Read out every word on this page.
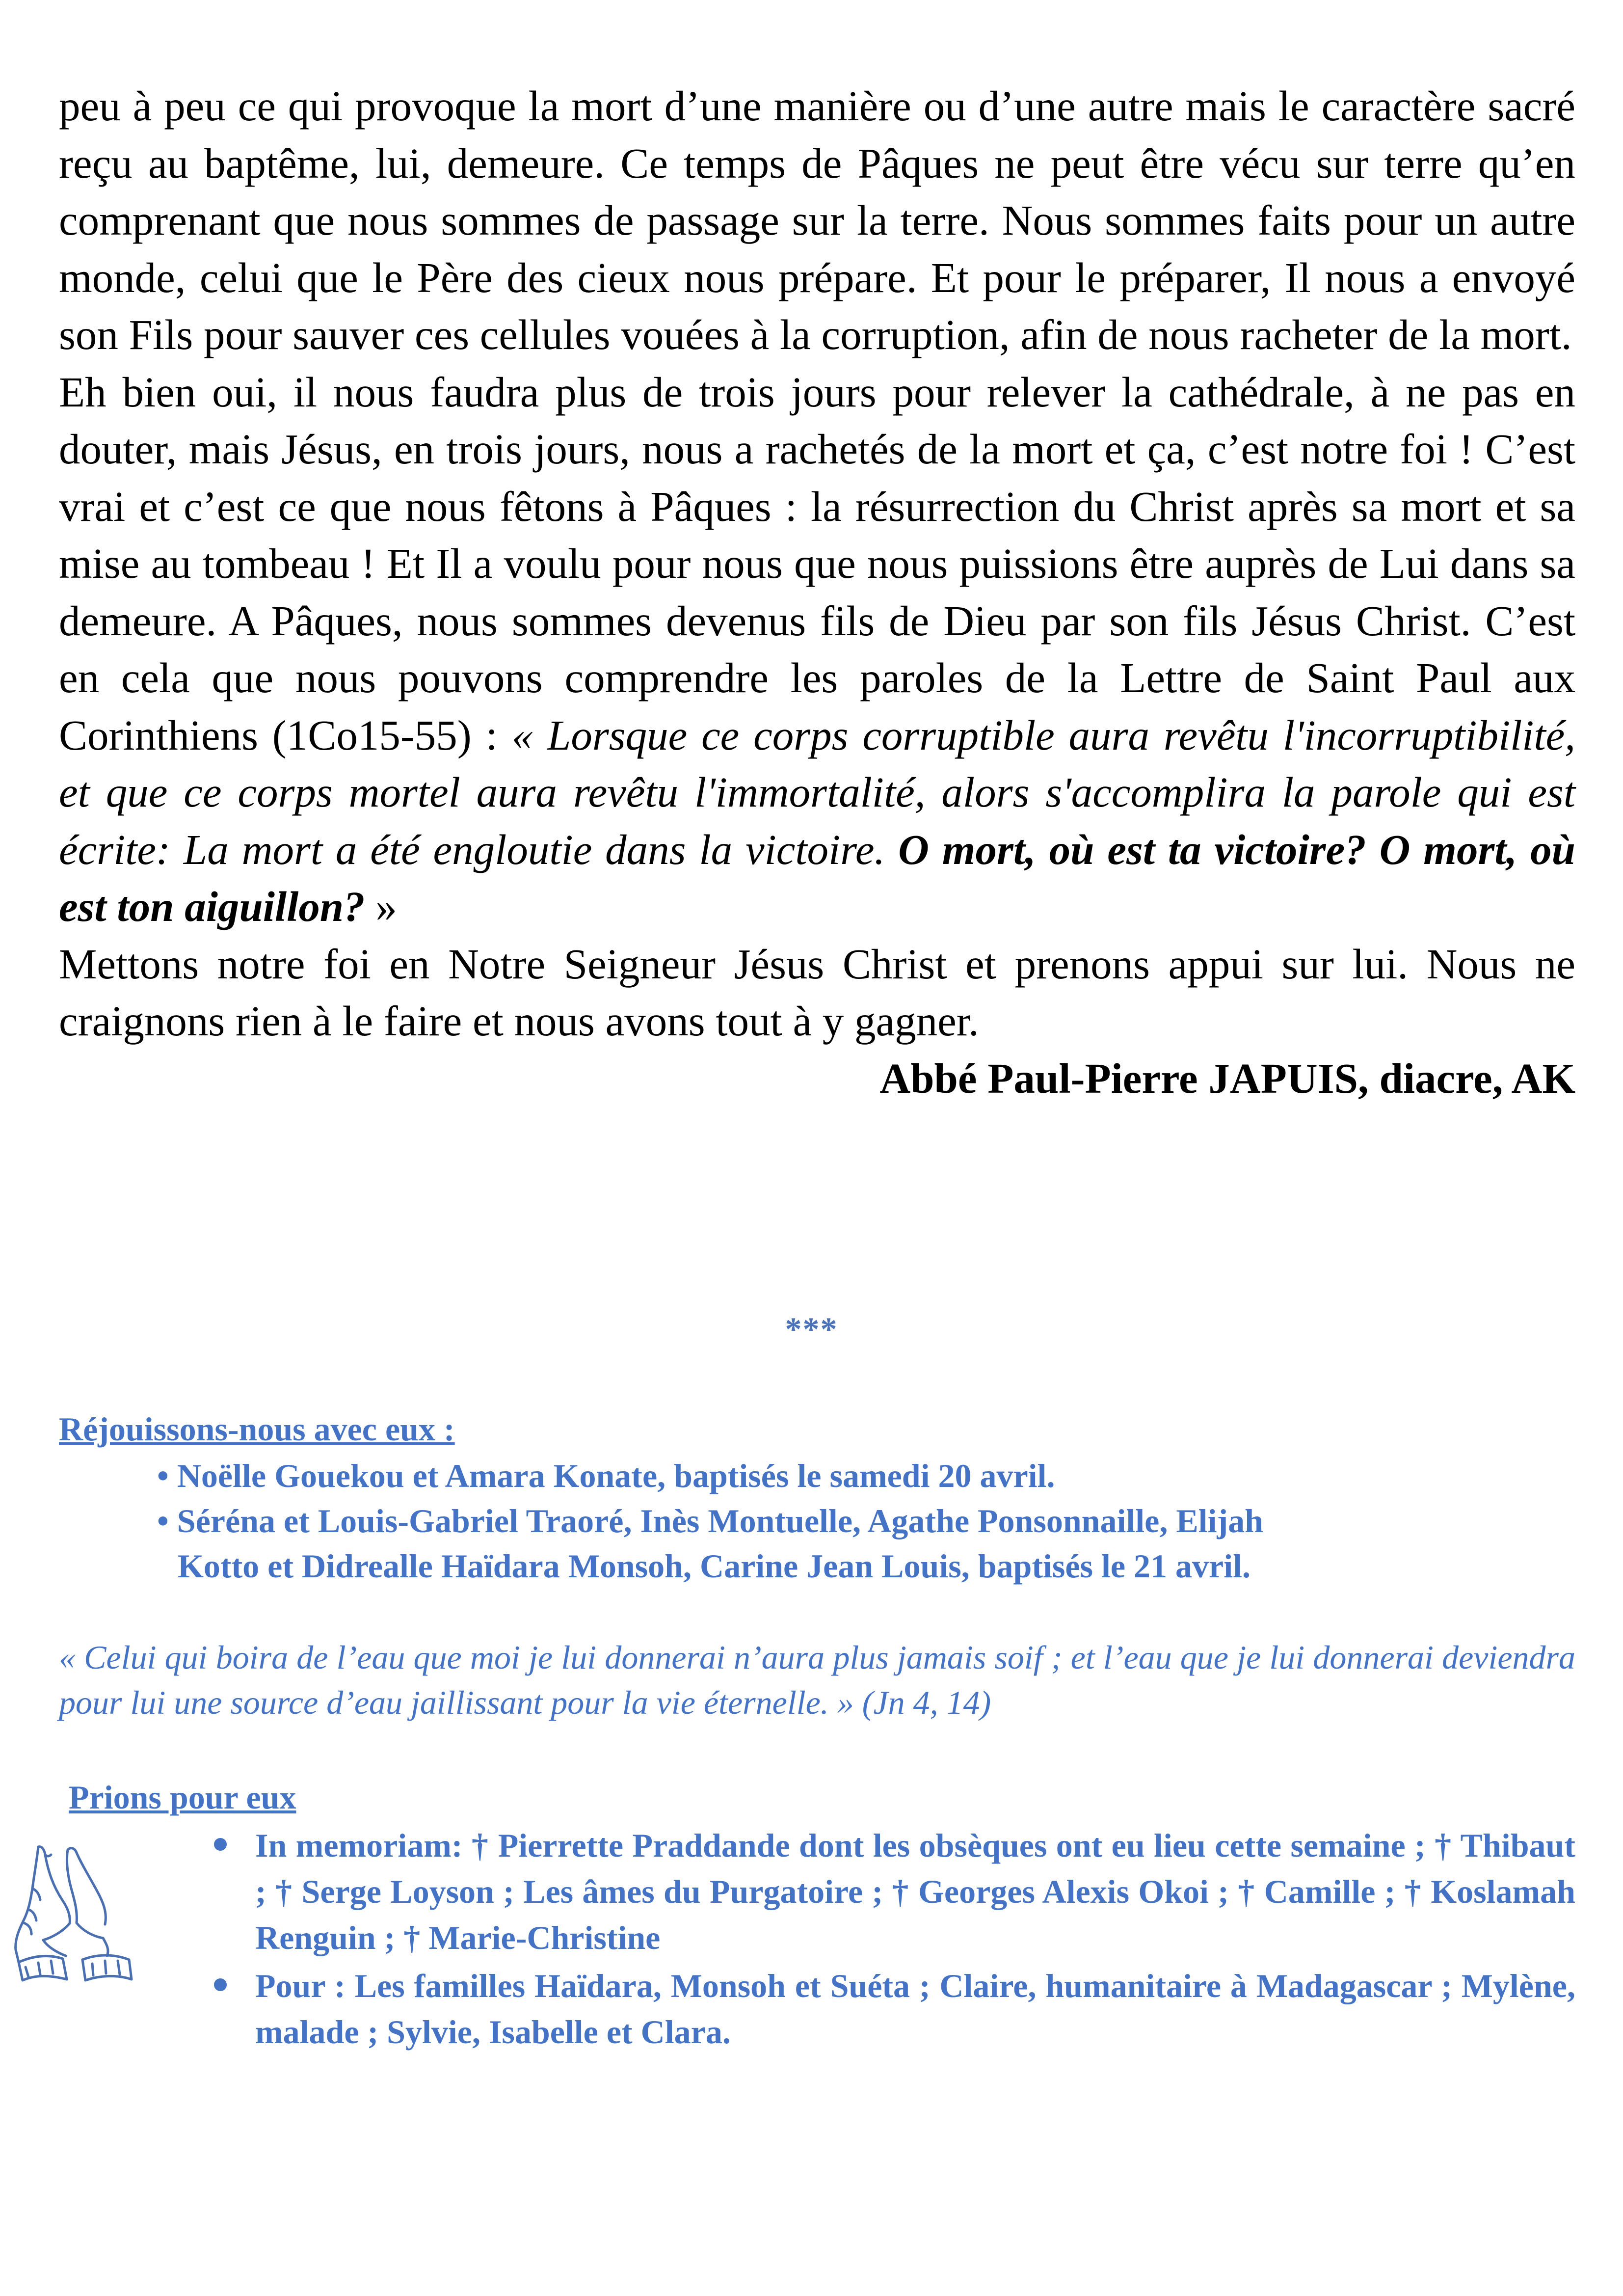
peu à peu ce qui provoque la mort d’une manière ou d’une autre mais le caractère sacré reçu au baptême, lui, demeure. Ce temps de Pâques ne peut être vécu sur terre qu’en comprenant que nous sommes de passage sur la terre. Nous sommes faits pour un autre monde, celui que le Père des cieux nous prépare. Et pour le préparer, Il nous a envoyé son Fils pour sauver ces cellules vouées à la corruption, afin de nous racheter de la mort.

Eh bien oui, il nous faudra plus de trois jours pour relever la cathédrale, à ne pas en douter, mais Jésus, en trois jours, nous a rachetés de la mort et ça, c’est notre foi ! C’est vrai et c’est ce que nous fêtons à Pâques : la résurrection du Christ après sa mort et sa mise au tombeau ! Et Il a voulu pour nous que nous puissions être auprès de Lui dans sa demeure. A Pâques, nous sommes devenus fils de Dieu par son fils Jésus Christ. C’est en cela que nous pouvons comprendre les paroles de la Lettre de Saint Paul aux Corinthiens (1Co15-55) : « Lorsque ce corps corruptible aura revêtu l'incorruptibilité, et que ce corps mortel aura revêtu l'immortalité, alors s'accomplira la parole qui est écrite: La mort a été engloutie dans la victoire. O mort, où est ta victoire? O mort, où est ton aiguillon? »

Mettons notre foi en Notre Seigneur Jésus Christ et prenons appui sur lui. Nous ne craignons rien à le faire et nous avons tout à y gagner.

Abbé Paul-Pierre JAPUIS, diacre, AK

***

Réjouissons-nous avec eux :

• Noëlle Gouekou et Amara Konate, baptisés le samedi 20 avril.

• Séréna et Louis-Gabriel Traoré, Inès Montuelle, Agathe Ponsonnaille, Elijah
Kotto et Didrealle Haïdara Monsoh, Carine Jean Louis, baptisés le 21 avril.

« Celui qui boira de l’eau que moi je lui donnerai n’aura plus jamais soif ; et l’eau que je lui donnerai deviendra pour lui une source d’eau jaillissant pour la vie éternelle. » (Jn 4, 14)

Prions pour eux

In memoriam: † Pierrette Praddande dont les obsèques ont eu lieu cette semaine ; † Thibaut ; † Serge Loyson ; Les âmes du Purgatoire ; † Georges Alexis Okoi ; † Camille ; † Koslamah Renguin ; † Marie-Christine
Pour : Les familles Haïdara, Monsoh et Suéta ; Claire, humanitaire à Madagascar ; Mylène, malade ; Sylvie, Isabelle et Clara.
